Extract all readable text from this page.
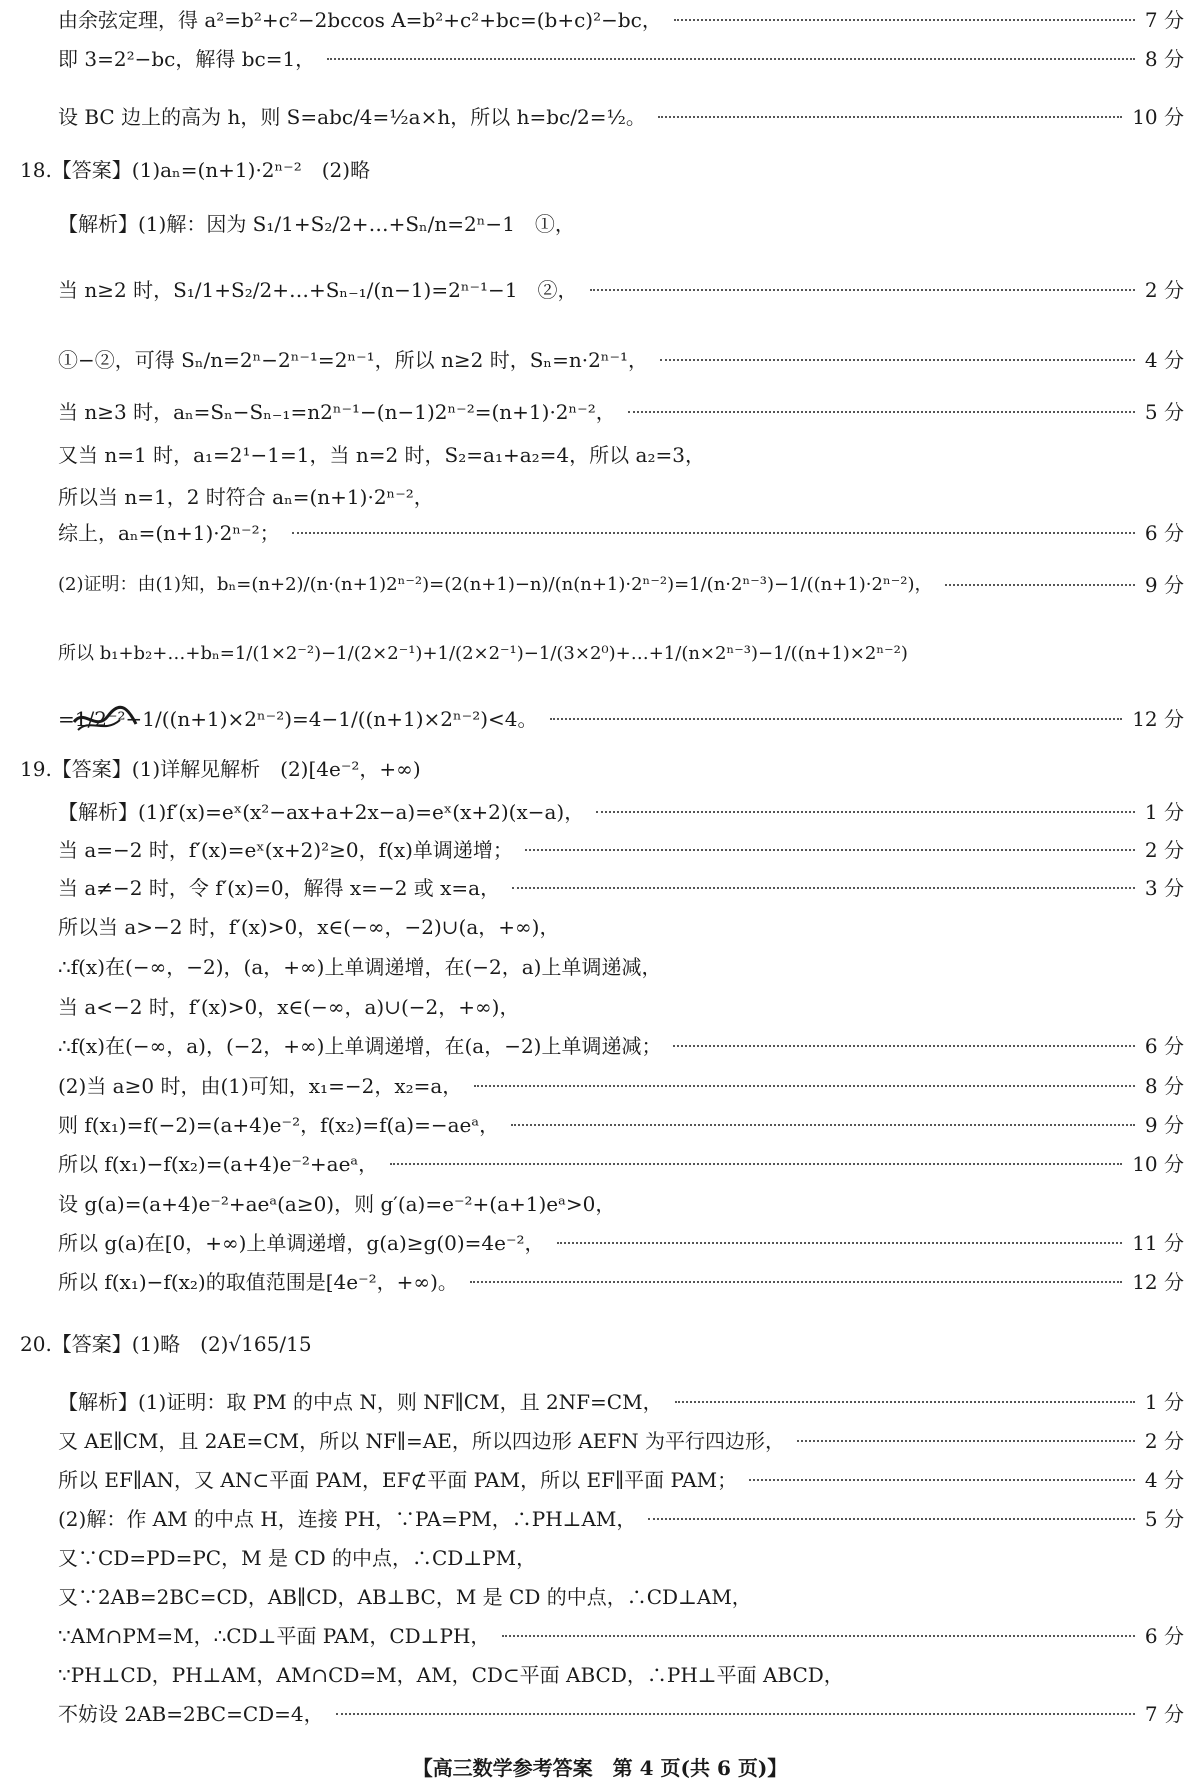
由余弦定理，得 a²=b²+c²−2bccos A=b²+c²+bc=(b+c)²−bc，	7 分
即 3=2²−bc，解得 bc=1，	8 分
设 BC 边上的高为 h，则 S=abc/4=½a×h，所以 h=bc/2=½。	10 分
18.【答案】(1)aₙ=(n+1)·2ⁿ⁻²　(2)略
【解析】(1)解：因为 S₁/1+S₂/2+…+Sₙ/n=2ⁿ−1　①，
当 n≥2 时，S₁/1+S₂/2+…+Sₙ₋₁/(n−1)=2ⁿ⁻¹−1　②，	2 分
①−②，可得 Sₙ/n=2ⁿ−2ⁿ⁻¹=2ⁿ⁻¹，所以 n≥2 时，Sₙ=n·2ⁿ⁻¹，	4 分
当 n≥3 时，aₙ=Sₙ−Sₙ₋₁=n2ⁿ⁻¹−(n−1)2ⁿ⁻²=(n+1)·2ⁿ⁻²，	5 分
又当 n=1 时，a₁=2¹−1=1，当 n=2 时，S₂=a₁+a₂=4，所以 a₂=3，
所以当 n=1，2 时符合 aₙ=(n+1)·2ⁿ⁻²，
综上，aₙ=(n+1)·2ⁿ⁻²；	6 分
(2)证明：由(1)知，bₙ=(n+2)/(n·(n+1)2ⁿ⁻²)=(2(n+1)−n)/(n(n+1)·2ⁿ⁻²)=1/(n·2ⁿ⁻³)−1/((n+1)·2ⁿ⁻²)，	9 分
所以 b₁+b₂+…+bₙ=1/(1×2⁻²)−1/(2×2⁻¹)+1/(2×2⁻¹)−1/(3×2⁰)+…+1/(n×2ⁿ⁻³)−1/((n+1)×2ⁿ⁻²)
=1/2⁻²−1/((n+1)×2ⁿ⁻²)=4−1/((n+1)×2ⁿ⁻²)<4。	12 分
19.【答案】(1)详解见解析　(2)[4e⁻²，+∞)
【解析】(1)f′(x)=eˣ(x²−ax+a+2x−a)=eˣ(x+2)(x−a)，	1 分
当 a=−2 时，f′(x)=eˣ(x+2)²≥0，f(x)单调递增；	2 分
当 a≠−2 时，令 f′(x)=0，解得 x=−2 或 x=a，	3 分
所以当 a>−2 时，f′(x)>0，x∈(−∞，−2)∪(a，+∞)，
∴f(x)在(−∞，−2)，(a，+∞)上单调递增，在(−2，a)上单调递减，
当 a<−2 时，f′(x)>0，x∈(−∞，a)∪(−2，+∞)，
∴f(x)在(−∞，a)，(−2，+∞)上单调递增，在(a，−2)上单调递减；	6 分
(2)当 a≥0 时，由(1)可知，x₁=−2，x₂=a，	8 分
则 f(x₁)=f(−2)=(a+4)e⁻²，f(x₂)=f(a)=−aeᵃ，	9 分
所以 f(x₁)−f(x₂)=(a+4)e⁻²+aeᵃ，	10 分
设 g(a)=(a+4)e⁻²+aeᵃ(a≥0)，则 g′(a)=e⁻²+(a+1)eᵃ>0，
所以 g(a)在[0，+∞)上单调递增，g(a)≥g(0)=4e⁻²，	11 分
所以 f(x₁)−f(x₂)的取值范围是[4e⁻²，+∞)。	12 分
20.【答案】(1)略　(2)√165/15
【解析】(1)证明：取 PM 的中点 N，则 NF∥CM，且 2NF=CM，	1 分
又 AE∥CM，且 2AE=CM，所以 NF∥=AE，所以四边形 AEFN 为平行四边形，	2 分
所以 EF∥AN，又 AN⊂平面 PAM，EF⊄平面 PAM，所以 EF∥平面 PAM；	4 分
(2)解：作 AM 的中点 H，连接 PH，∵PA=PM，∴PH⊥AM，	5 分
又∵CD=PD=PC，M 是 CD 的中点，∴CD⊥PM，
又∵2AB=2BC=CD，AB∥CD，AB⊥BC，M 是 CD 的中点，∴CD⊥AM，
∵AM∩PM=M，∴CD⊥平面 PAM，CD⊥PH，	6 分
∵PH⊥CD，PH⊥AM，AM∩CD=M，AM，CD⊂平面 ABCD，∴PH⊥平面 ABCD，
不妨设 2AB=2BC=CD=4，	7 分
【高三数学参考答案　第 4 页(共 6 页)】
